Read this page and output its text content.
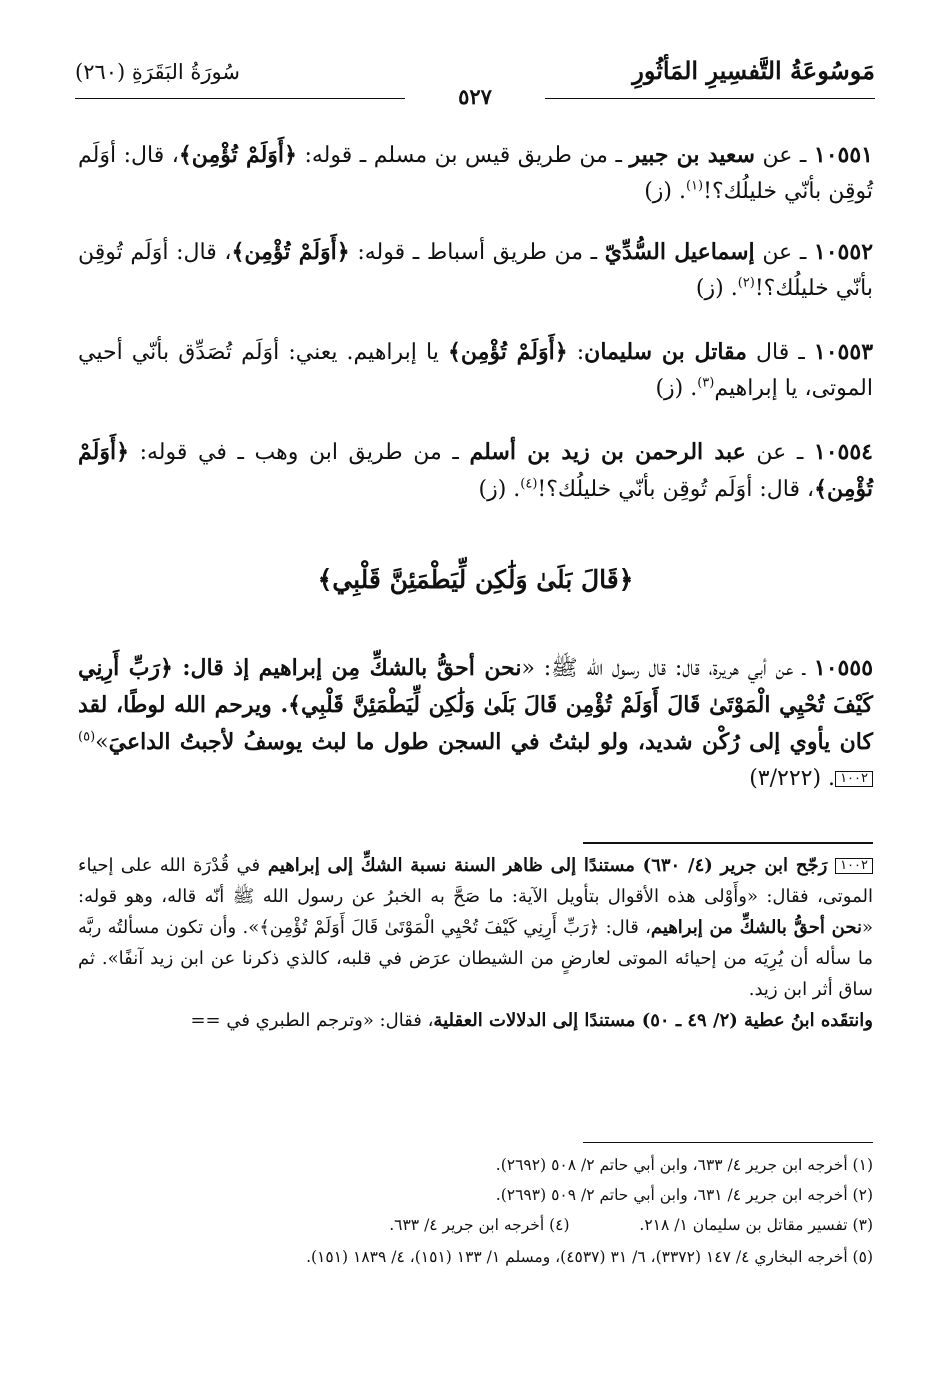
سُورَةُ البَقَرَةِ (٢٦٠)	مَوسُوعَةُ التَّفسِيرِ المَأثُورِ
٥٢٧
١٠٥٥١ ـ عن سعيد بن جبير ـ من طريق قيس بن مسلم ـ قوله: ﴿أَوَلَمْ تُؤْمِن﴾، قال: أوَلَم تُوقِن بأنّي خليلُك؟!$^{(١)}$. (ز)
١٠٥٥٢ ـ عن إسماعيل السُّدِّيّ ـ من طريق أسباط ـ قوله: ﴿أَوَلَمْ تُؤْمِن﴾، قال: أوَلَم تُوقِن بأنّي خليلُك؟!$^{(٢)}$. (ز)
١٠٥٥٣ ـ قال مقاتل بن سليمان: ﴿أَوَلَمْ تُؤْمِن﴾ يا إبراهيم. يعني: أوَلَم تُصَدِّق بأنّي أحيي الموتى، يا إبراهيم$^{(٣)}$. (ز)
١٠٥٥٤ ـ عن عبد الرحمن بن زيد بن أسلم ـ من طريق ابن وهب ـ في قوله: ﴿أَوَلَمْ تُؤْمِن﴾، قال: أوَلَم تُوقِن بأنّي خليلُك؟!$^{(٤)}$. (ز)
﴿قَالَ بَلَىٰ وَلَٰكِن لِّيَطْمَئِنَّ قَلْبِي﴾
١٠٥٥٥ ـ عن أبي هريرة، قال: قال رسول الله ﷺ: «نحن أحقُّ بالشكِّ مِن إبراهيم إذ قال: ﴿رَبِّ أَرِنِي كَيْفَ تُحْيِي الْمَوْتَىٰ قَالَ أَوَلَمْ تُؤْمِن قَالَ بَلَىٰ وَلَٰكِن لِّيَطْمَئِنَّ قَلْبِي﴾. ويرحم الله لوطًا، لقد كان يأوي إلى رُكْن شديد، ولو لبثتُ في السجن طول ما لبث يوسفُ لأجبتُ الداعيَ»$^{(٥)}$١٠٠٢. (٣/٢٢٢)
١٠٠٢ رَجّح ابن جرير (٤/ ٦٣٠) مستندًا إلى ظاهر السنة نسبة الشكِّ إلى إبراهيم في قُدْرَة الله على إحياء الموتى، فقال: «وأَوْلى هذه الأقوال بتأويل الآية: ما صَحَّ به الخبرُ عن رسول الله ﷺ أنّه قاله، وهو قوله: «نحن أحقُّ بالشكِّ من إبراهيم، قال: ﴿رَبِّ أَرِنِي كَيْفَ تُحْيِي الْمَوْتَىٰ قَالَ أَوَلَمْ تُؤْمِن﴾». وأن تكون مسألتُه ربَّه ما سأله أن يُرِيَه من إحيائه الموتى لعارضٍ من الشيطان عرَض في قلبه، كالذي ذكرنا عن ابن زيد آنفًا». ثم ساق أثر ابن زيد.
وانتقَده ابنُ عطية (٢/ ٤٩ ـ ٥٠) مستندًا إلى الدلالات العقلية، فقال: «وترجم الطبري في ==
(١) أخرجه ابن جرير ٤/ ٦٣٣، وابن أبي حاتم ٢/ ٥٠٨ (٢٦٩٢).
(٢) أخرجه ابن جرير ٤/ ٦٣١، وابن أبي حاتم ٢/ ٥٠٩ (٢٦٩٣).
(٣) تفسير مقاتل بن سليمان ١/ ٢١٨.  (٤) أخرجه ابن جرير ٤/ ٦٣٣.
(٥) أخرجه البخاري ٤/ ١٤٧ (٣٣٧٢)، ٦/ ٣١ (٤٥٣٧)، ومسلم ١/ ١٣٣ (١٥١)، ٤/ ١٨٣٩ (١٥١).
